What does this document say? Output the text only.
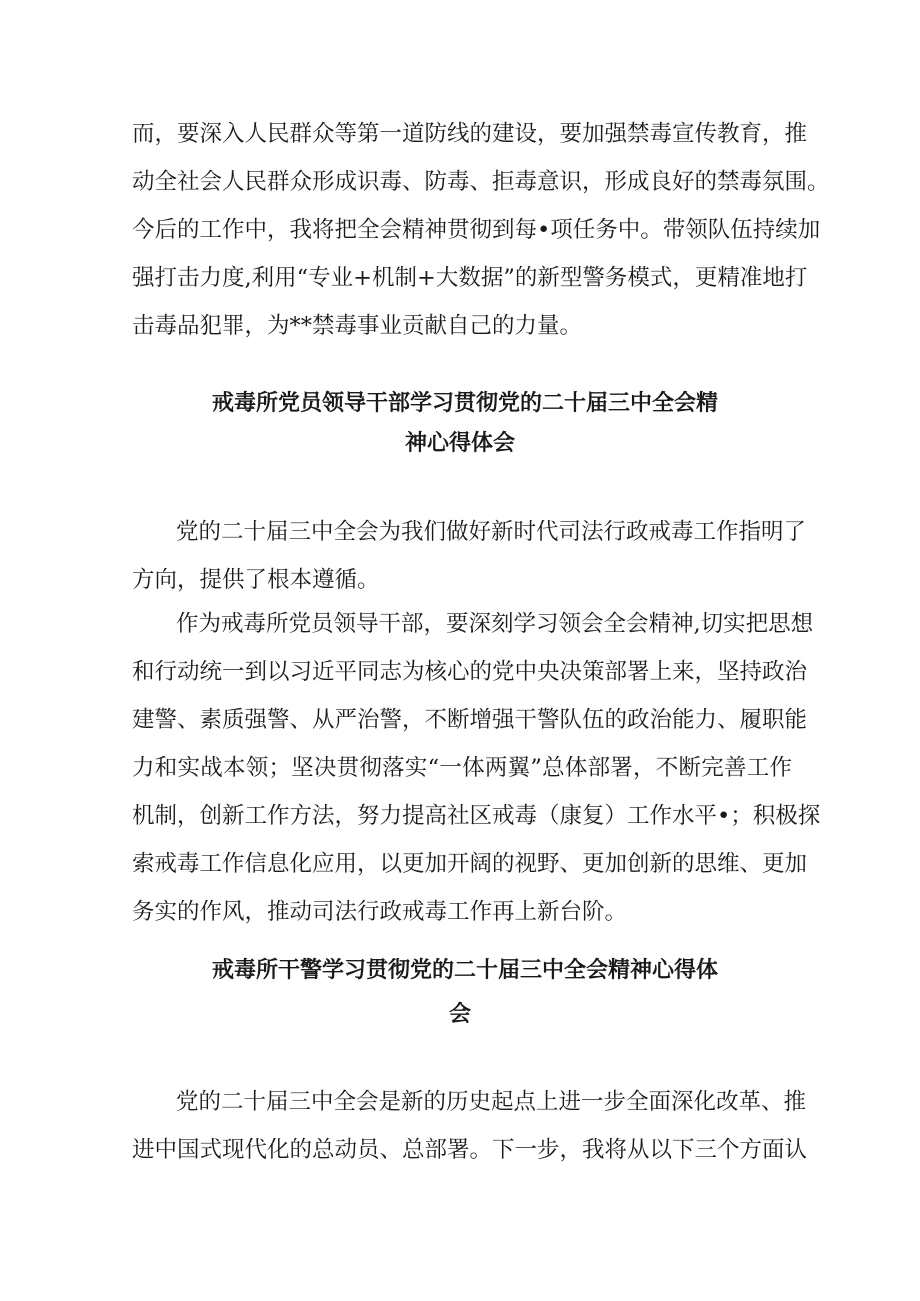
而，要深入人民群众等第一道防线的建设，要加强禁毒宣传教育，推
动全社会人民群众形成识毒、防毒、拒毒意识，形成良好的禁毒氛围。
今后的工作中，我将把全会精神贯彻到每•项任务中。带领队伍持续加
强打击力度,利用“专业+机制+大数据”的新型警务模式，更精准地打
击毒品犯罪，为**禁毒事业贡献自己的力量。
戒毒所党员领导干部学习贯彻党的二十届三中全会精
神心得体会
党的二十届三中全会为我们做好新时代司法行政戒毒工作指明了
方向，提供了根本遵循。
作为戒毒所党员领导干部，要深刻学习领会全会精神,切实把思想
和行动统一到以习近平同志为核心的党中央决策部署上来，坚持政治
建警、素质强警、从严治警，不断增强干警队伍的政治能力、履职能
力和实战本领；坚决贯彻落实“一体两翼”总体部署，不断完善工作
机制，创新工作方法，努力提高社区戒毒（康复）工作水平•；积极探
索戒毒工作信息化应用，以更加开阔的视野、更加创新的思维、更加
务实的作风，推动司法行政戒毒工作再上新台阶。
戒毒所干警学习贯彻党的二十届三中全会精神心得体
会
党的二十届三中全会是新的历史起点上进一步全面深化改革、推
进中国式现代化的总动员、总部署。下一步，我将从以下三个方面认
